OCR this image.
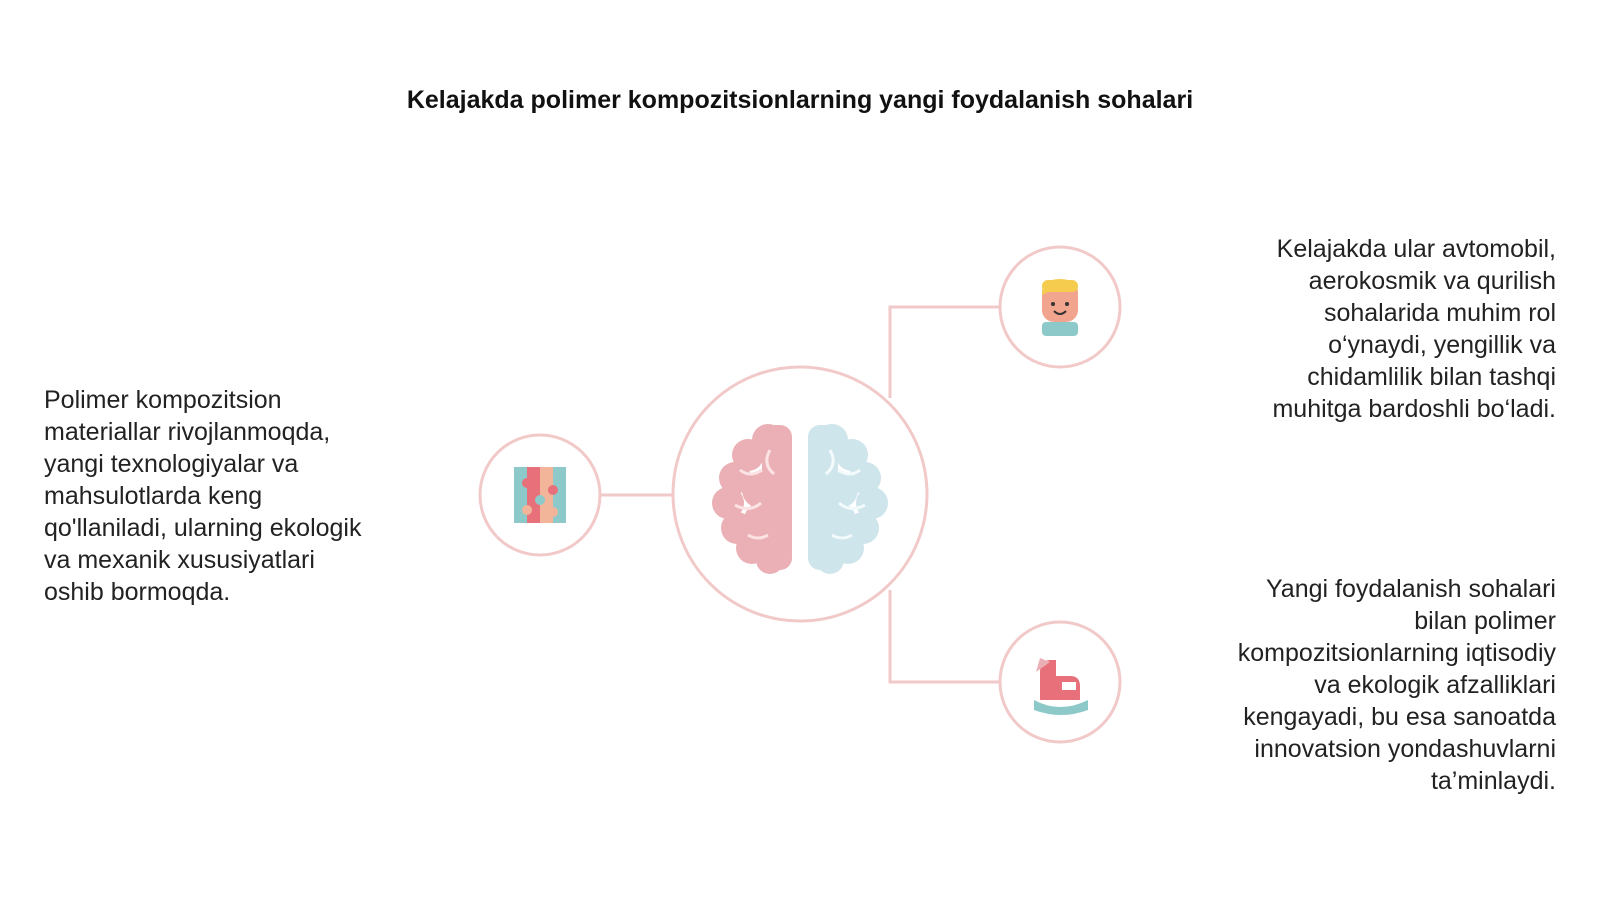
Kelajakda polimer kompozitsionlarning yangi foydalanish sohalari
Polimer kompozitsion
materiallar rivojlanmoqda,
yangi texnologiyalar va
mahsulotlarda keng
qo'llaniladi, ularning ekologik
va mexanik xususiyatlari
oshib bormoqda.
Kelajakda ular avtomobil,
aerokosmik va qurilish
sohalarida muhim rol
o‘ynaydi, yengillik va
chidamlilik bilan tashqi
muhitga bardoshli bo‘ladi.
Yangi foydalanish sohalari
bilan polimer
kompozitsionlarning iqtisodiy
va ekologik afzalliklari
kengayadi, bu esa sanoatda
innovatsion yondashuvlarni
ta’minlaydi.
